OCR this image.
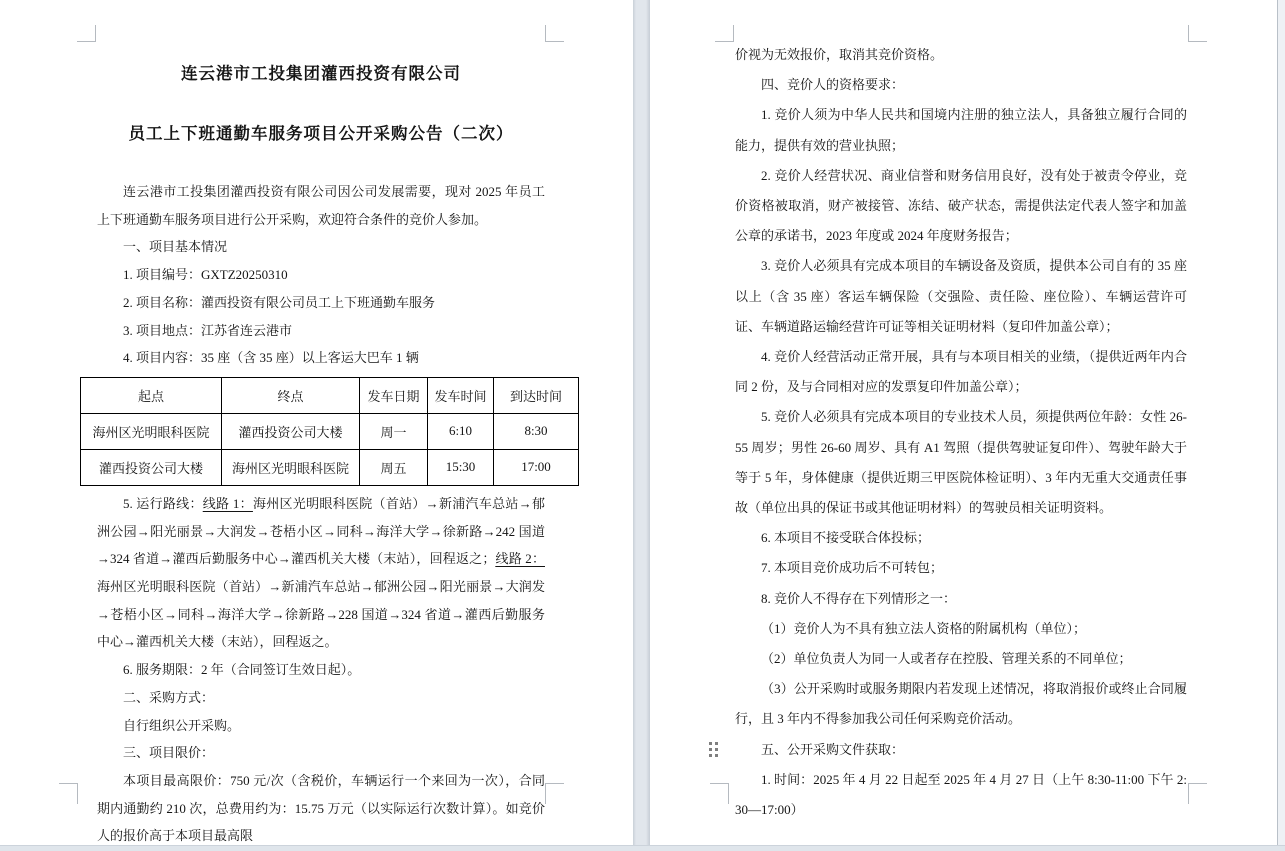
连云港市工投集团灌西投资有限公司
员工上下班通勤车服务项目公开采购公告（二次）

连云港市工投集团灌西投资有限公司因公司发展需要，现对 2025 年员工上下班通勤车服务项目进行公开采购，欢迎符合条件的竞价人参加。

一、项目基本情况

1. 项目编号：GXTZ20250310

2. 项目名称：灌西投资有限公司员工上下班通勤车服务

3. 项目地点：江苏省连云港市

4. 项目内容：35 座（含 35 座）以上客运大巴车 1 辆

起点	终点	发车日期	发车时间	到达时间
海州区光明眼科医院	灌西投资公司大楼	周一	6:10	8:30
灌西投资公司大楼	海州区光明眼科医院	周五	15:30	17:00

5. 运行路线：线路 1：海州区光明眼科医院（首站）→新浦汽车总站→郁洲公园→阳光丽景→大润发→苍梧小区→同科→海洋大学→徐新路→242 国道→324 省道→灌西后勤服务中心→灌西机关大楼（末站），回程返之；线路 2：海州区光明眼科医院（首站）→新浦汽车总站→郁洲公园→阳光丽景→大润发→苍梧小区→同科→海洋大学→徐新路→228 国道→324 省道→灌西后勤服务中心→灌西机关大楼（末站），回程返之。

6. 服务期限：2 年（合同签订生效日起）。

二、采购方式：

自行组织公开采购。

三、项目限价：

本项目最高限价：750 元/次（含税价，车辆运行一个来回为一次），合同期内通勤约 210 次，总费用约为：15.75 万元（以实际运行次数计算）。如竞价人的报价高于本项目最高限

价视为无效报价，取消其竞价资格。

四、竞价人的资格要求：

1. 竞价人须为中华人民共和国境内注册的独立法人，具备独立履行合同的能力，提供有效的营业执照；

2. 竞价人经营状况、商业信誉和财务信用良好，没有处于被责令停业，竞价资格被取消，财产被接管、冻结、破产状态，需提供法定代表人签字和加盖公章的承诺书，2023 年度或 2024 年度财务报告；

3. 竞价人必须具有完成本项目的车辆设备及资质，提供本公司自有的 35 座以上（含 35 座）客运车辆保险（交强险、责任险、座位险）、车辆运营许可证、车辆道路运输经营许可证等相关证明材料（复印件加盖公章）；

4. 竞价人经营活动正常开展，具有与本项目相关的业绩，（提供近两年内合同 2 份，及与合同相对应的发票复印件加盖公章）；

5. 竞价人必须具有完成本项目的专业技术人员，须提供两位年龄：女性 26-55 周岁；男性 26-60 周岁、具有 A1 驾照（提供驾驶证复印件）、驾驶年龄大于等于 5 年，身体健康（提供近期三甲医院体检证明）、3 年内无重大交通责任事故（单位出具的保证书或其他证明材料）的驾驶员相关证明资料。

6. 本项目不接受联合体投标；

7. 本项目竞价成功后不可转包；

8. 竞价人不得存在下列情形之一：

（1）竞价人为不具有独立法人资格的附属机构（单位）；

（2）单位负责人为同一人或者存在控股、管理关系的不同单位；

（3）公开采购时或服务期限内若发现上述情况，将取消报价或终止合同履行，且 3 年内不得参加我公司任何采购竞价活动。

五、公开采购文件获取：

1. 时间：2025 年 4 月 22 日起至 2025 年 4 月 27 日（上午 8:30-11:00 下午 2:30—17:00）
